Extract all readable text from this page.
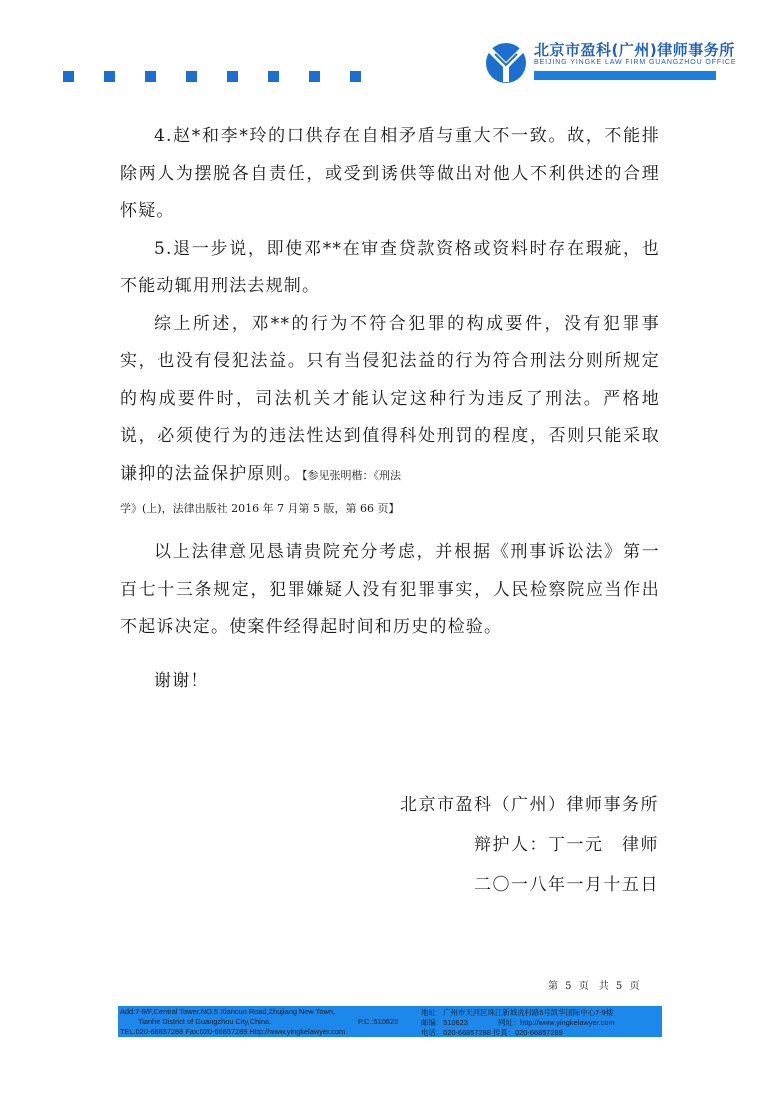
北京市盈科(广州)律师事务所
BEIJING YINGKE LAW FIRM GUANGZHOU OFFICE

4.赵*和李*玲的口供存在自相矛盾与重大不一致。故，不能排除两人为摆脱各自责任，或受到诱供等做出对他人不利供述的合理怀疑。

5.退一步说，即使邓**在审查贷款资格或资料时存在瑕疵，也不能动辄用刑法去规制。

综上所述，邓**的行为不符合犯罪的构成要件，没有犯罪事实，也没有侵犯法益。只有当侵犯法益的行为符合刑法分则所规定的构成要件时，司法机关才能认定这种行为违反了刑法。严格地说，必须使行为的违法性达到值得科处刑罚的程度，否则只能采取谦抑的法益保护原则。【参见张明楷：《刑法

学》(上)，法律出版社 2016 年 7 月第 5 版，第 66 页】

以上法律意见恳请贵院充分考虑，并根据《刑事诉讼法》第一百七十三条规定，犯罪嫌疑人没有犯罪事实，人民检察院应当作出不起诉决定。使案件经得起时间和历史的检验。

谢谢！

北京市盈科（广州）律师事务所
辩护人：丁一元　律师
二〇一八年一月十五日
第 5 页　共 5 页
Add:7-9/F,Central Tower,NO.5 Xiancun Road,Zhujiang New Town,
Tianhe District of Guangzhou City,China.	P.C.:510623
TEL:020-66857288 Fax:020-66857289 Http://www.yingkelawyer.com
地址：广州市天河区珠江新城冼村路5号凯华国际中心7-9楼
邮编：510623	网址：http://www.yingkelawyer.com
电话：020-66857288 传真：020-66857289
